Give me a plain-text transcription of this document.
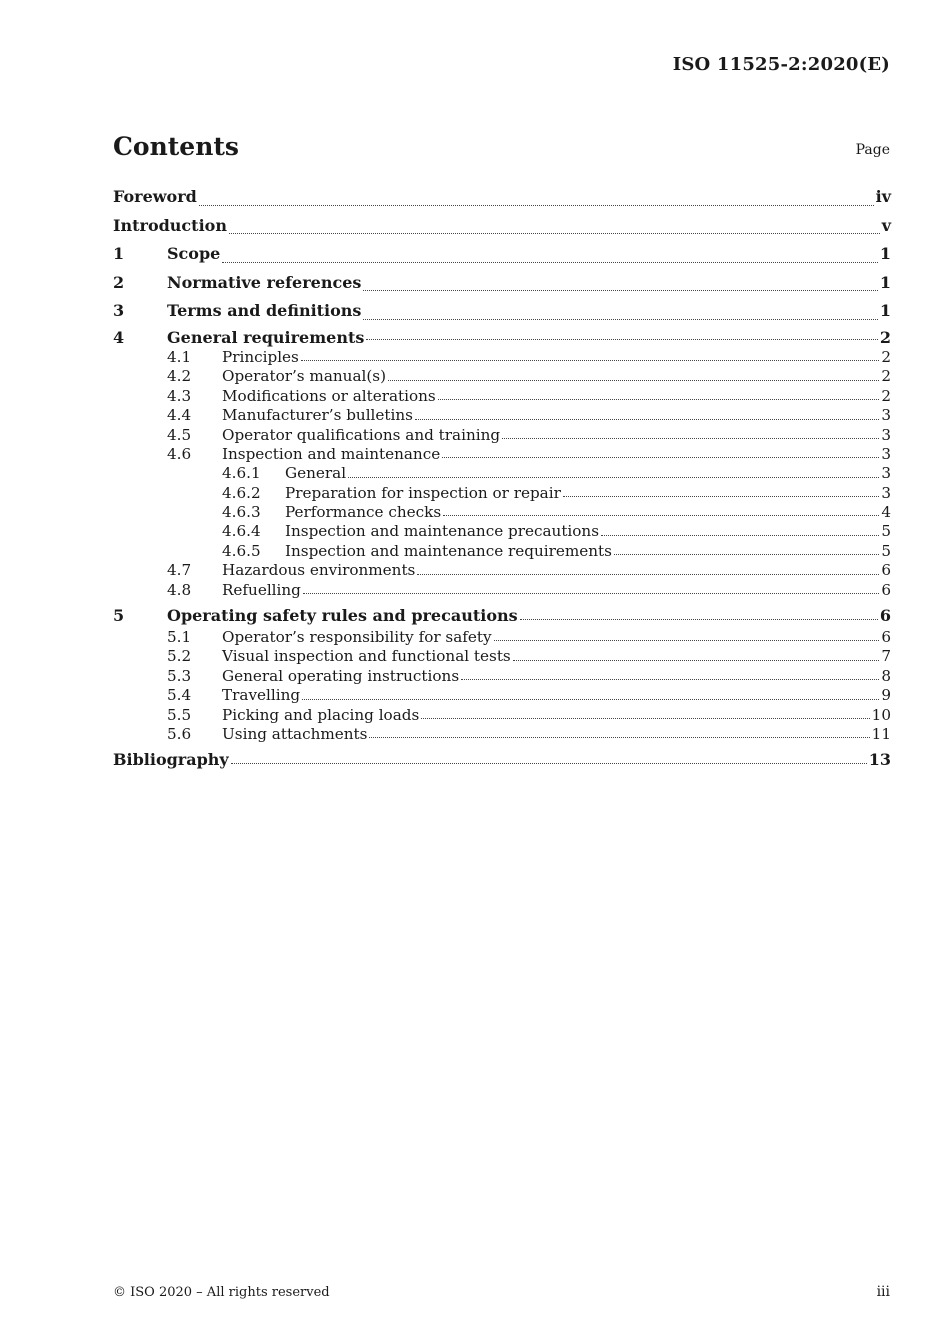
ISO 11525-2:2020(E)
Contents	Page
Foreword	iv
Introduction	v
1	Scope	1
2	Normative references	1
3	Terms and definitions	1
4	General requirements	2
4.1	Principles	2
4.2	Operator’s manual(s)	2
4.3	Modifications or alterations	2
4.4	Manufacturer’s bulletins	3
4.5	Operator qualifications and training	3
4.6	Inspection and maintenance	3
4.6.1	General	3
4.6.2	Preparation for inspection or repair	3
4.6.3	Performance checks	4
4.6.4	Inspection and maintenance precautions	5
4.6.5	Inspection and maintenance requirements	5
4.7	Hazardous environments	6
4.8	Refuelling	6
5	Operating safety rules and precautions	6
5.1	Operator’s responsibility for safety	6
5.2	Visual inspection and functional tests	7
5.3	General operating instructions	8
5.4	Travelling	9
5.5	Picking and placing loads	10
5.6	Using attachments	11
Bibliography	13
© ISO 2020 – All rights reserved	iii
